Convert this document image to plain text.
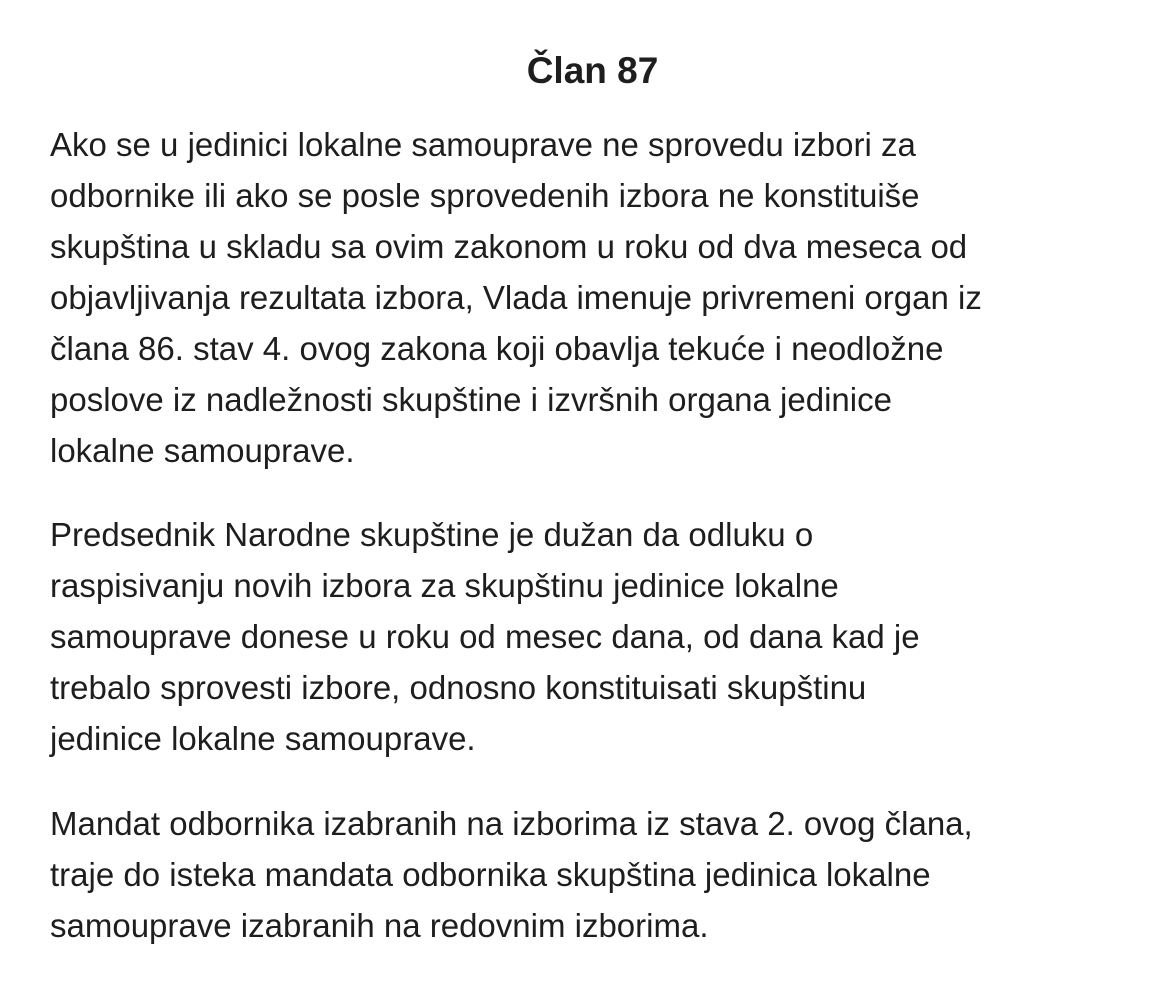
Član 87

Ako se u jedinici lokalne samouprave ne sprovedu izbori za
odbornike ili ako se posle sprovedenih izbora ne konstituiše
skupština u skladu sa ovim zakonom u roku od dva meseca od
objavljivanja rezultata izbora, Vlada imenuje privremeni organ iz
člana 86. stav 4. ovog zakona koji obavlja tekuće i neodložne
poslove iz nadležnosti skupštine i izvršnih organa jedinice
lokalne samouprave.

Predsednik Narodne skupštine je dužan da odluku o
raspisivanju novih izbora za skupštinu jedinice lokalne
samouprave donese u roku od mesec dana, od dana kad je
trebalo sprovesti izbore, odnosno konstituisati skupštinu
jedinice lokalne samouprave.

Mandat odbornika izabranih na izborima iz stava 2. ovog člana,
traje do isteka mandata odbornika skupština jedinica lokalne
samouprave izabranih na redovnim izborima.
